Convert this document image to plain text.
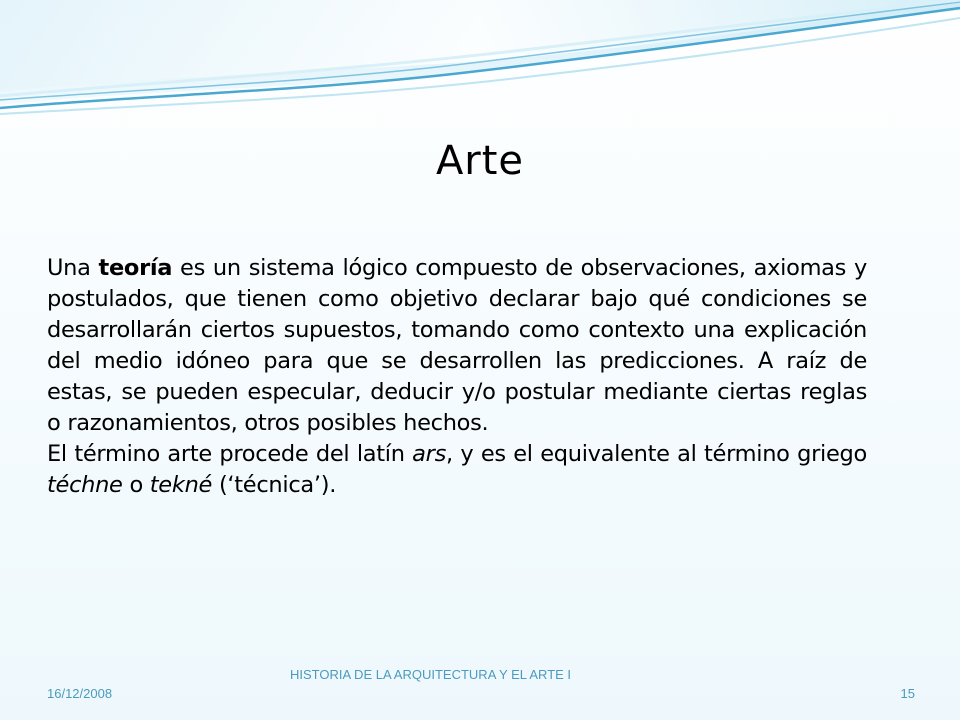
Arte

Una teoría es un sistema lógico compuesto de observaciones, axiomas y postulados, que tienen como objetivo declarar bajo qué condiciones se desarrollarán ciertos supuestos, tomando como contexto una explicación del medio idóneo para que se desarrollen las predicciones. A raíz de estas, se pueden especular, deducir y/o postular mediante ciertas reglas o razonamientos, otros posibles hechos.

El término arte procede del latín ars, y es el equivalente al término griego téchne o tekné (‘técnica’).

16/12/2008
HISTORIA DE LA ARQUITECTURA Y EL ARTE I
15
